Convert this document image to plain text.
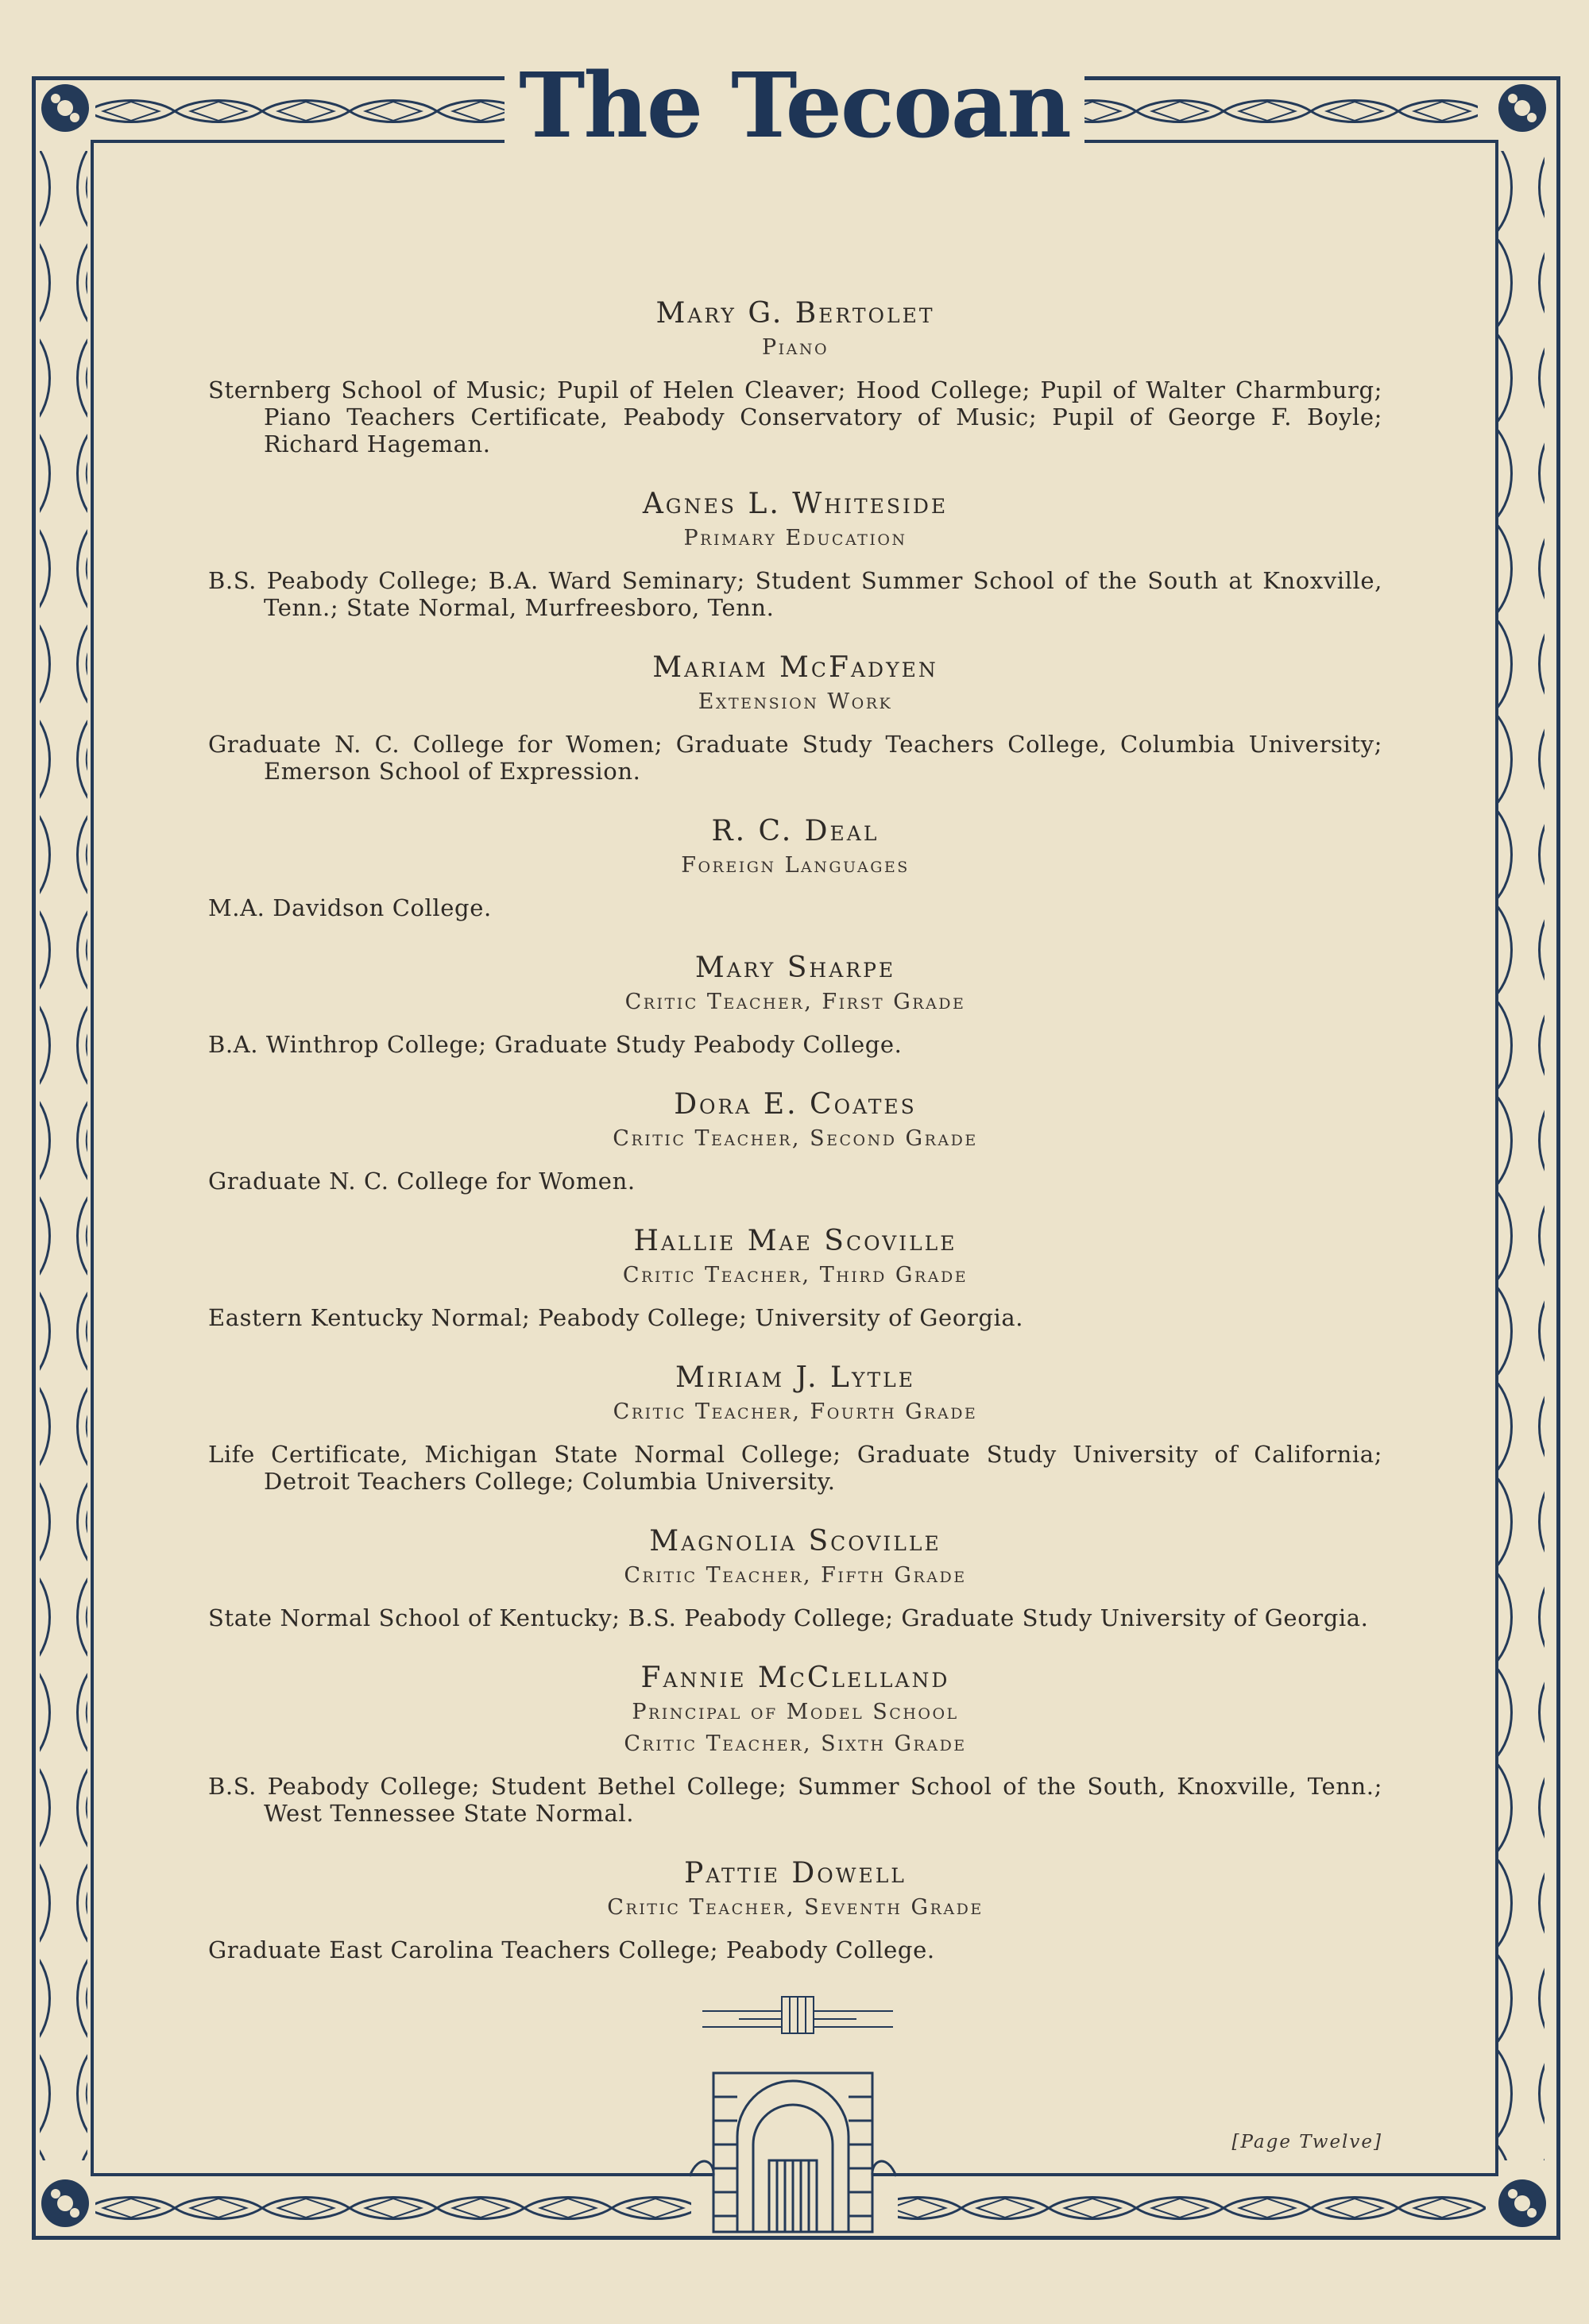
The Tecoan
Mary G. Bertolet
Piano
Sternberg School of Music; Pupil of Helen Cleaver; Hood College; Pupil of Walter Charmburg; Piano Teachers Certificate, Peabody Conservatory of Music; Pupil of George F. Boyle; Richard Hageman.
Agnes L. Whiteside
Primary Education
B.S. Peabody College; B.A. Ward Seminary; Student Summer School of the South at Knoxville, Tenn.; State Normal, Murfreesboro, Tenn.
Mariam McFadyen
Extension Work
Graduate N. C. College for Women; Graduate Study Teachers College, Columbia University; Emerson School of Expression.
R. C. Deal
Foreign Languages
M.A. Davidson College.
Mary Sharpe
Critic Teacher, First Grade
B.A. Winthrop College; Graduate Study Peabody College.
Dora E. Coates
Critic Teacher, Second Grade
Graduate N. C. College for Women.
Hallie Mae Scoville
Critic Teacher, Third Grade
Eastern Kentucky Normal; Peabody College; University of Georgia.
Miriam J. Lytle
Critic Teacher, Fourth Grade
Life Certificate, Michigan State Normal College; Graduate Study University of California; Detroit Teachers College; Columbia University.
Magnolia Scoville
Critic Teacher, Fifth Grade
State Normal School of Kentucky; B.S. Peabody College; Graduate Study University of Georgia.
Fannie McClelland
Principal of Model School
Critic Teacher, Sixth Grade
B.S. Peabody College; Student Bethel College; Summer School of the South, Knoxville, Tenn.; West Tennessee State Normal.
Pattie Dowell
Critic Teacher, Seventh Grade
Graduate East Carolina Teachers College; Peabody College.
[Page Twelve]
